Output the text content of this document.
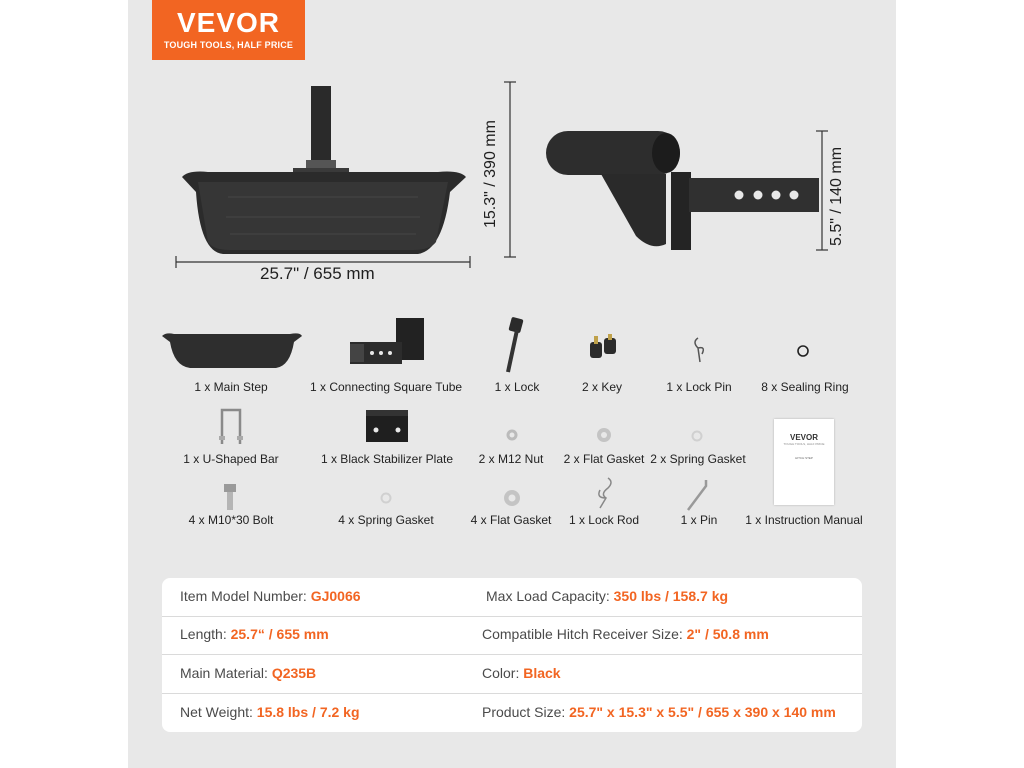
VEVOR
TOUGH TOOLS, HALF PRICE
25.7" / 655 mm
15.3" / 390 mm	5.5" / 140 mm
1 x Main Step	1 x Connecting Square Tube	1 x Lock	2 x Key	1 x Lock Pin	8 x Sealing Ring
VEVOR
TOUGH TOOLS, HALF PRICE
HITCH STEP
1 x U-Shaped Bar	1 x Black Stabilizer Plate	2 x M12 Nut	2 x Flat Gasket 2 x Spring Gasket
4 x M10*30 Bolt	4 x Spring Gasket	4 x Flat Gasket	1 x Lock Rod	1 x Pin	1 x Instruction Manual
Item Model Number: GJ0066	Max Load Capacity: 350 lbs / 158.7 kg
Length: 25.7“ / 655 mm	Compatible Hitch Receiver Size: 2" / 50.8 mm
Main Material: Q235B	Color: Black
Net Weight: 15.8 lbs / 7.2 kg	Product Size: 25.7" x 15.3" x 5.5" / 655 x 390 x 140 mm
